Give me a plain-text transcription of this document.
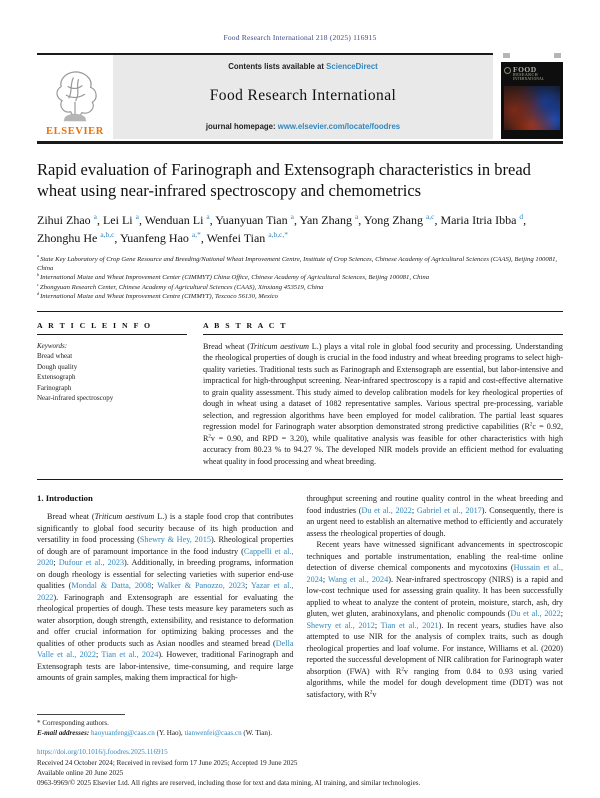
Food Research International 218 (2025) 116915
ELSEVIER
Contents lists available at ScienceDirect
Food Research International
journal homepage: www.elsevier.com/locate/foodres
FOOD
RESEARCH
INTERNATIONAL
Rapid evaluation of Farinograph and Extensograph characteristics in bread wheat using near-infrared spectroscopy and chemometrics
Zihui Zhao $^a$, Lei Li $^a$, Wenduan Li $^a$, Yuanyuan Tian $^a$, Yan Zhang $^a$, Yong Zhang $^{a,c}$, Maria Itria Ibba $^d$, Zhonghu He $^{a,b,c}$, Yuanfeng Hao $^{a,*}$, Wenfei Tian $^{a,b,c,*}$
$^a$State Key Laboratory of Crop Gene Resource and Breeding/National Wheat Improvement Centre, Institute of Crop Sciences, Chinese Academy of Agricultural Sciences (CAAS), Beijing 100081, China
$^b$International Maize and Wheat Improvement Center (CIMMYT) China Office, Chinese Academy of Agricultural Sciences, Beijing 100081, China
$^c$Zhongyuan Research Center, Chinese Academy of Agricultural Sciences (CAAS), Xinxiang 453519, China
$^d$International Maize and Wheat Improvement Centre (CIMMYT), Texcoco 56130, Mexico
A R T I C L E I N F O
Keywords:
Bread wheat
Dough quality
Extensograph
Farinograph
Near-infrared spectroscopy
A B S T R A C T

Bread wheat (Triticum aestivum L.) plays a vital role in global food security and processing. Understanding the rheological properties of dough is crucial in the food industry and wheat breeding programs to select high-quality varieties. Traditional tests such as Farinograph and Extensograph are essential, but labor-intensive and impractical for high-throughput screening. Near-infrared spectroscopy is a rapid and cost-effective alternative to grain quality assessment. This study aimed to develop calibration models for key rheological properties of dough in wheat using a dataset of 1082 representative samples. Various spectral pre-processing, variable selection, and regression algorithms have been employed for model calibration. The partial least squares regression model for Farinograph water absorption demonstrated strong predictive capabilities ($R^2c = 0.92$, $R^2v = 0.90$, and RPD = 3.20), while qualitative analysis was feasible for other characteristics with high accuracy from 80.23 % to 94.27 %. The developed NIR models provide an efficient method for evaluating wheat quality in food processing and wheat breeding.

1. Introduction

Bread wheat (Triticum aestivum L.) is a staple food crop that contributes significantly to global food security because of its high production and versatility in food processing (Shewry & Hey, 2015). Rheological properties of dough are of paramount importance in the food industry (Cappelli et al., 2020; Dufour et al., 2023). Additionally, in breeding programs, information on dough rheology is essential for selecting varieties with superior end-use qualities (Mondal & Datta, 2008; Walker & Panozzo, 2023; Yazar et al., 2022). Farinograph and Extensograph are essential for evaluating the rheological properties of dough. These tests measure key parameters such as water absorption, dough strength, extensibility, and resistance to deformation and offer crucial information for optimizing baking processes and the qualities of other products such as Asian noodles and steamed bread (Della Valle et al., 2022; Tian et al., 2024). However, traditional Farinograph and Extensograph tests are labor-intensive, time-consuming, and require large amounts of grain samples, making them impractical for high-

throughput screening and routine quality control in the wheat breeding and food industries (Du et al., 2022; Gabriel et al., 2017). Consequently, there is an urgent need to establish an alternative method to efficiently and accurately assess the rheological properties of dough.

Recent years have witnessed significant advancements in spectroscopic techniques and portable instrumentation, enabling the real-time online detection of diverse chemical components and mycotoxins (Hussain et al., 2024; Wang et al., 2024). Near-infrared spectroscopy (NIRS) is a rapid and low-cost technique used for assessing grain quality. It has been successfully applied to wheat to analyze the content of protein, moisture, starch, ash, dry gluten, wet gluten, arabinoxylans, and phenolic compounds (Du et al., 2022; Shewry et al., 2012; Tian et al., 2021). In recent years, studies have also attempted to use NIR for the analysis of complex traits, such as dough rheological properties and loaf volume. For instance, Williams et al. (2020) reported the successful development of NIR calibration for Farinograph water absorption (FWA) with $R^2v$ ranging from 0.84 to 0.93 using varied algorithms, while the model for dough development time (DDT) was not satisfactory, with $R^2v$

* Corresponding authors.
E-mail addresses: haoyuanfeng@caas.cn (Y. Hao), tianwenfei@caas.cn (W. Tian).
https://doi.org/10.1016/j.foodres.2025.116915
Received 24 October 2024; Received in revised form 17 June 2025; Accepted 19 June 2025
Available online 20 June 2025
0963-9969/© 2025 Elsevier Ltd. All rights are reserved, including those for text and data mining, AI training, and similar technologies.
